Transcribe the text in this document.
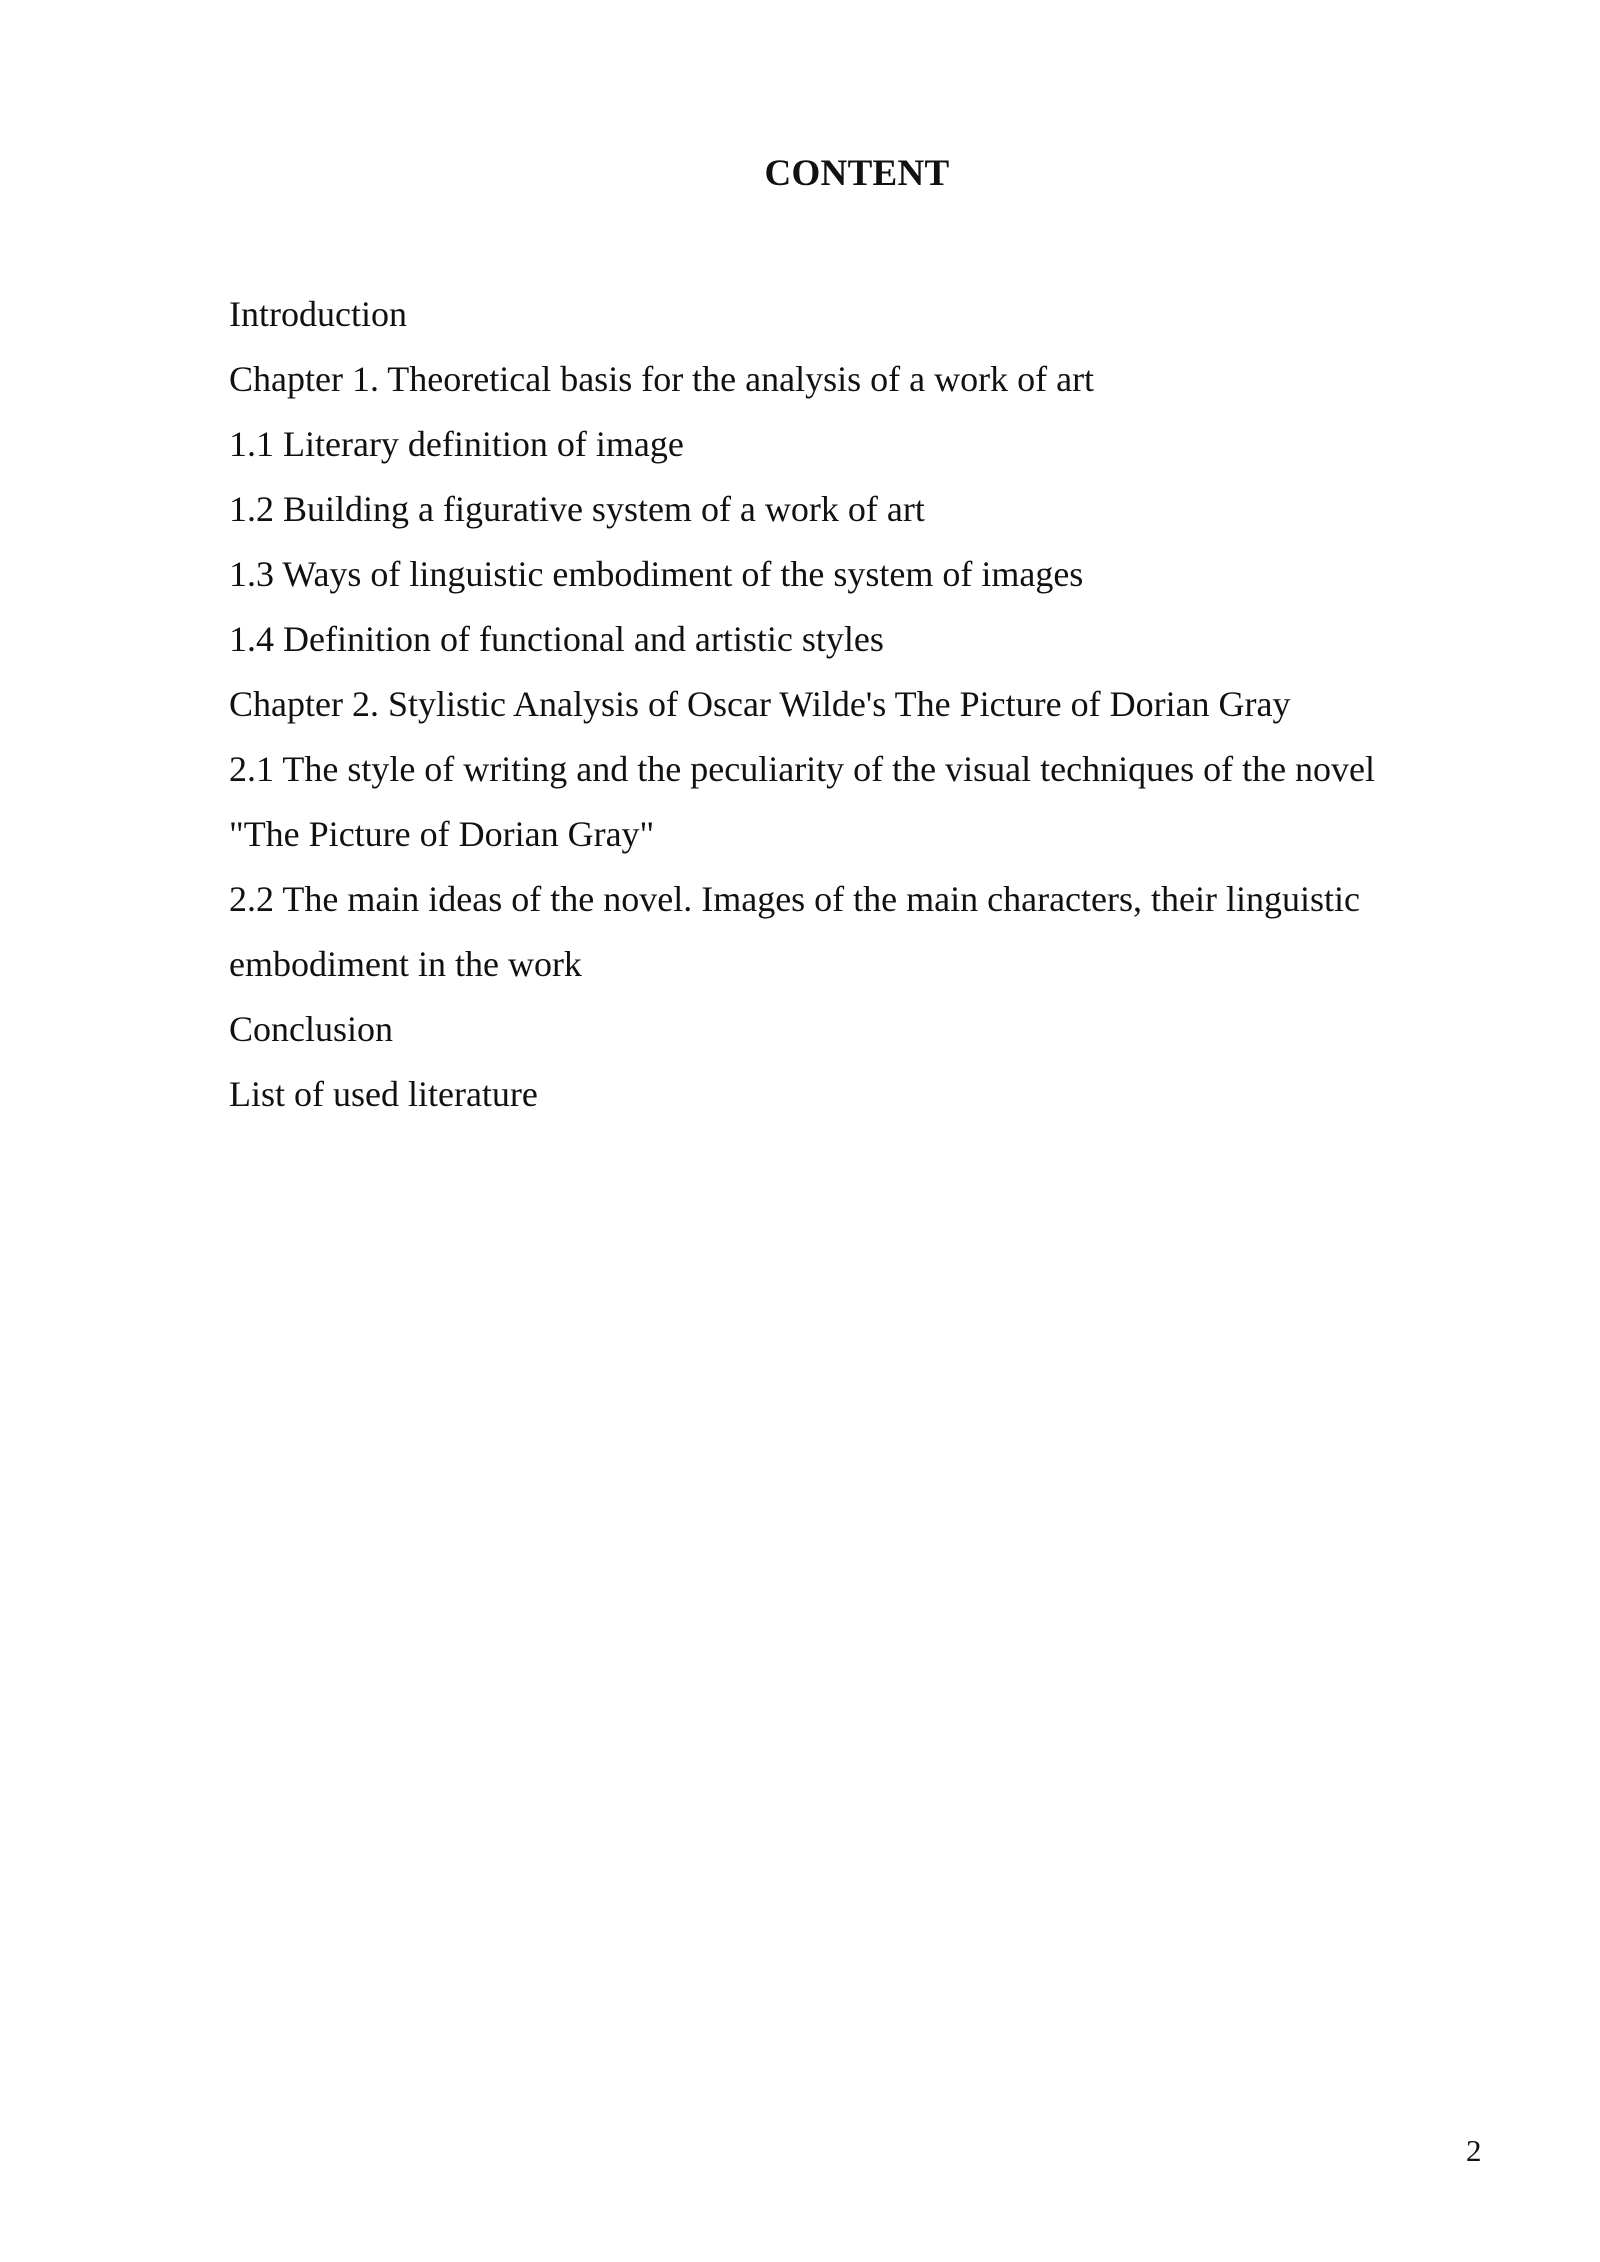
CONTENT
Introduction
Chapter 1. Theoretical basis for the analysis of a work of art
1.1 Literary definition of image
1.2 Building a figurative system of a work of art
1.3 Ways of linguistic embodiment of the system of images
1.4 Definition of functional and artistic styles
Chapter 2. Stylistic Analysis of Oscar Wilde's The Picture of Dorian Gray
2.1 The style of writing and the peculiarity of the visual techniques of the novel
"The Picture of Dorian Gray"
2.2 The main ideas of the novel. Images of the main characters, their linguistic
embodiment in the work
Conclusion
List of used literature
2
